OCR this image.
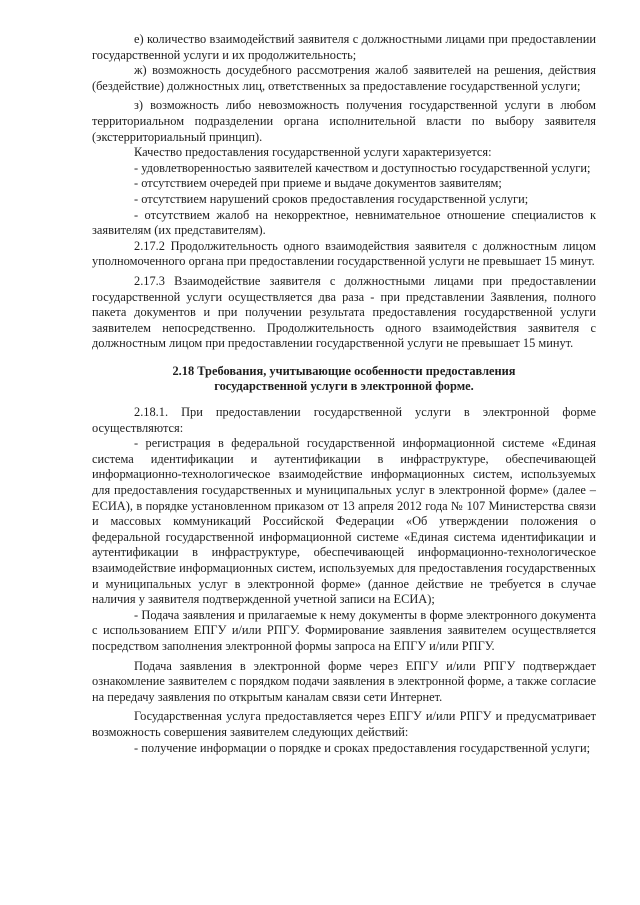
е) количество взаимодействий заявителя с должностными лицами при предоставлении государственной услуги и их продолжительность;

ж) возможность досудебного рассмотрения жалоб заявителей на решения, действия (бездействие) должностных лиц, ответственных за предоставление государственной услуги;

з) возможность либо невозможность получения государственной услуги в любом территориальном подразделении органа исполнительной власти по выбору заявителя (экстерриториальный принцип).

Качество предоставления государственной услуги характеризуется:

- удовлетворенностью заявителей качеством и доступностью государственной услуги;

- отсутствием очередей при приеме и выдаче документов заявителям;

- отсутствием нарушений сроков предоставления государственной услуги;

- отсутствием жалоб на некорректное, невнимательное отношение специалистов к заявителям (их представителям).

2.17.2 Продолжительность одного взаимодействия заявителя с должностным лицом уполномоченного органа при предоставлении государственной услуги не превышает 15 минут.

2.17.3 Взаимодействие заявителя с должностными лицами при предоставлении государственной услуги осуществляется два раза - при представлении Заявления, полного пакета документов и при получении результата предоставления государственной услуги заявителем непосредственно. Продолжительность одного взаимодействия заявителя с должностным лицом при предоставлении государственной услуги не превышает 15 минут.

2.18 Требования, учитывающие особенности предоставления
государственной услуги в электронной форме.

2.18.1. При предоставлении государственной услуги в электронной форме осуществляются:

- регистрация в федеральной государственной информационной системе «Единая система идентификации и аутентификации в инфраструктуре, обеспечивающей информационно-технологическое взаимодействие информационных систем, используемых для предоставления государственных и муниципальных услуг в электронной форме» (далее – ЕСИА), в порядке установленном приказом от 13 апреля 2012 года № 107 Министерства связи и массовых коммуникаций Российской Федерации «Об утверждении положения о федеральной государственной информационной системе «Единая система идентификации и аутентификации в инфраструктуре, обеспечивающей информационно-технологическое взаимодействие информационных систем, используемых для предоставления государственных и муниципальных услуг в электронной форме» (данное действие не требуется в случае наличия у заявителя подтвержденной учетной записи на ЕСИА);

- Подача заявления и прилагаемые к нему документы в форме электронного документа с использованием ЕПГУ и/или РПГУ. Формирование заявления заявителем осуществляется посредством заполнения электронной формы запроса на ЕПГУ и/или РПГУ.

Подача заявления в электронной форме через ЕПГУ и/или РПГУ подтверждает ознакомление заявителем с порядком подачи заявления в электронной форме, а также согласие на передачу заявления по открытым каналам связи сети Интернет.

Государственная услуга предоставляется через ЕПГУ и/или РПГУ и предусматривает возможность совершения заявителем следующих действий:

- получение информации о порядке и сроках предоставления государственной услуги;
